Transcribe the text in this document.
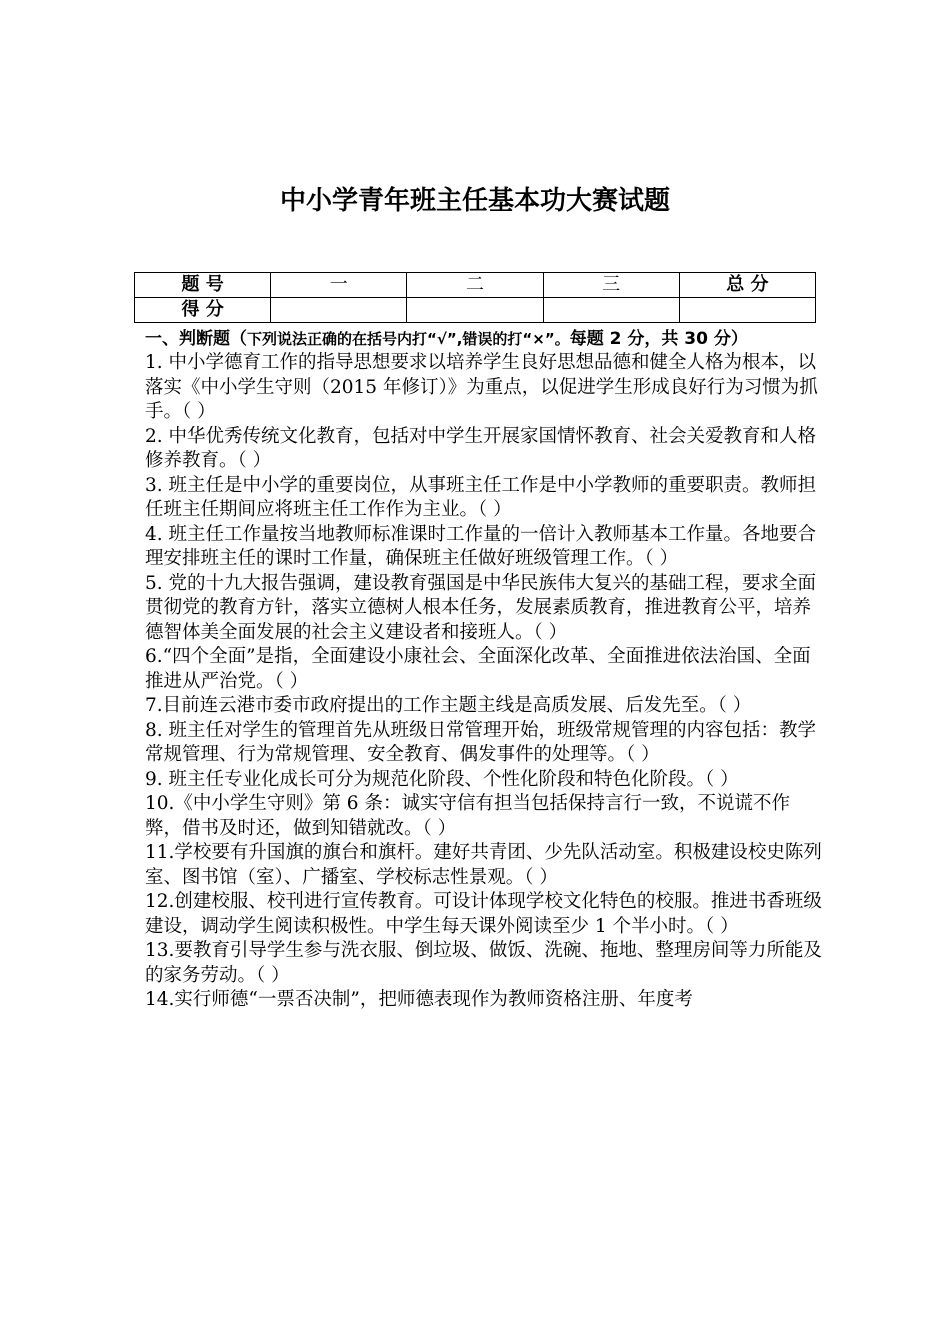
中小学青年班主任基本功大赛试题
题 号	一	二	三	总 分
得 分				
一、判断题（下列说法正确的在括号内打“√”,错误的打“×”。每题 2 分，共 30 分）

1. 中小学德育工作的指导思想要求以培养学生良好思想品德和健全人格为根本，以落实《中小学生守则（2015 年修订）》为重点，以促进学生形成良好行为习惯为抓手。（ ）

2. 中华优秀传统文化教育，包括对中学生开展家国情怀教育、社会关爱教育和人格修养教育。（ ）

3. 班主任是中小学的重要岗位，从事班主任工作是中小学教师的重要职责。教师担任班主任期间应将班主任工作作为主业。（ ）

4. 班主任工作量按当地教师标准课时工作量的一倍计入教师基本工作量。各地要合理安排班主任的课时工作量，确保班主任做好班级管理工作。（ ）

5. 党的十九大报告强调，建设教育强国是中华民族伟大复兴的基础工程，要求全面贯彻党的教育方针，落实立德树人根本任务，发展素质教育，推进教育公平，培养德智体美全面发展的社会主义建设者和接班人。（ ）

6.“四个全面”是指，全面建设小康社会、全面深化改革、全面推进依法治国、全面推进从严治党。（ ）

7.目前连云港市委市政府提出的工作主题主线是高质发展、后发先至。（ ）

8. 班主任对学生的管理首先从班级日常管理开始，班级常规管理的内容包括：教学常规管理、行为常规管理、安全教育、偶发事件的处理等。（ ）

9. 班主任专业化成长可分为规范化阶段、个性化阶段和特色化阶段。（ ）

10.《中小学生守则》第 6 条：诚实守信有担当包括保持言行一致，不说谎不作弊，借书及时还，做到知错就改。（ ）

11.学校要有升国旗的旗台和旗杆。建好共青团、少先队活动室。积极建设校史陈列室、图书馆（室）、广播室、学校标志性景观。（ ）

12.创建校服、校刊进行宣传教育。可设计体现学校文化特色的校服。推进书香班级建设，调动学生阅读积极性。中学生每天课外阅读至少 1 个半小时。（ ）

13.要教育引导学生参与洗衣服、倒垃圾、做饭、洗碗、拖地、整理房间等力所能及的家务劳动。（ ）

14.实行师德“一票否决制”，把师德表现作为教师资格注册、年度考
